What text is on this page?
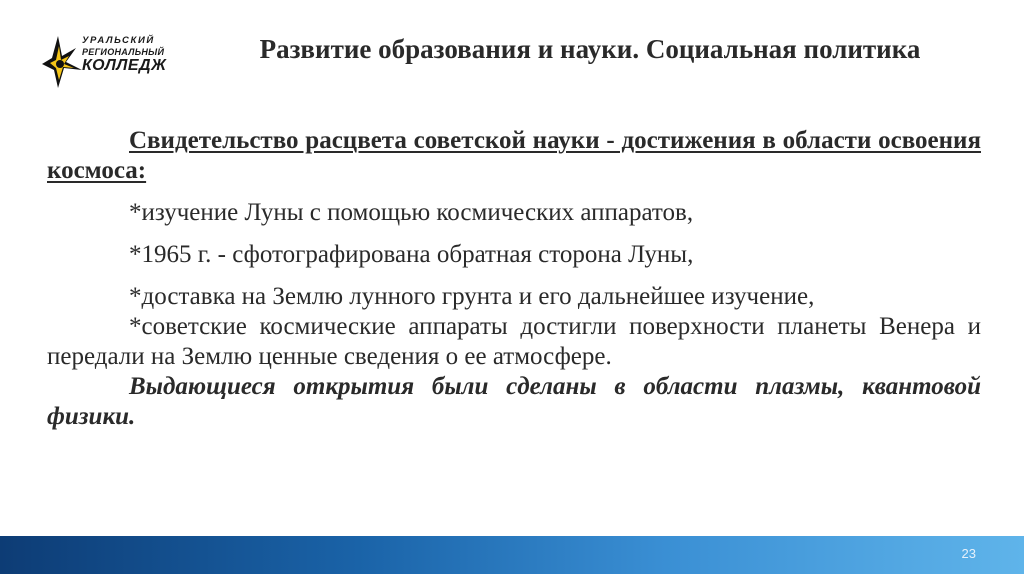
УРАЛЬСКИЙ
РЕГИОНАЛЬНЫЙ
КОЛЛЕДЖ
Развитие образования и науки. Социальная политика

Свидетельство расцвета советской науки - достижения в области освоения космоса:

*изучение Луны с помощью космических аппаратов,

*1965 г. - сфотографирована обратная сторона Луны,

*доставка на Землю лунного грунта и его дальнейшее изучение,

*советские космические аппараты достигли поверхности планеты Венера и передали на Землю ценные сведения о ее атмосфере.

Выдающиеся открытия были сделаны в области плазмы, квантовой физики.

23
